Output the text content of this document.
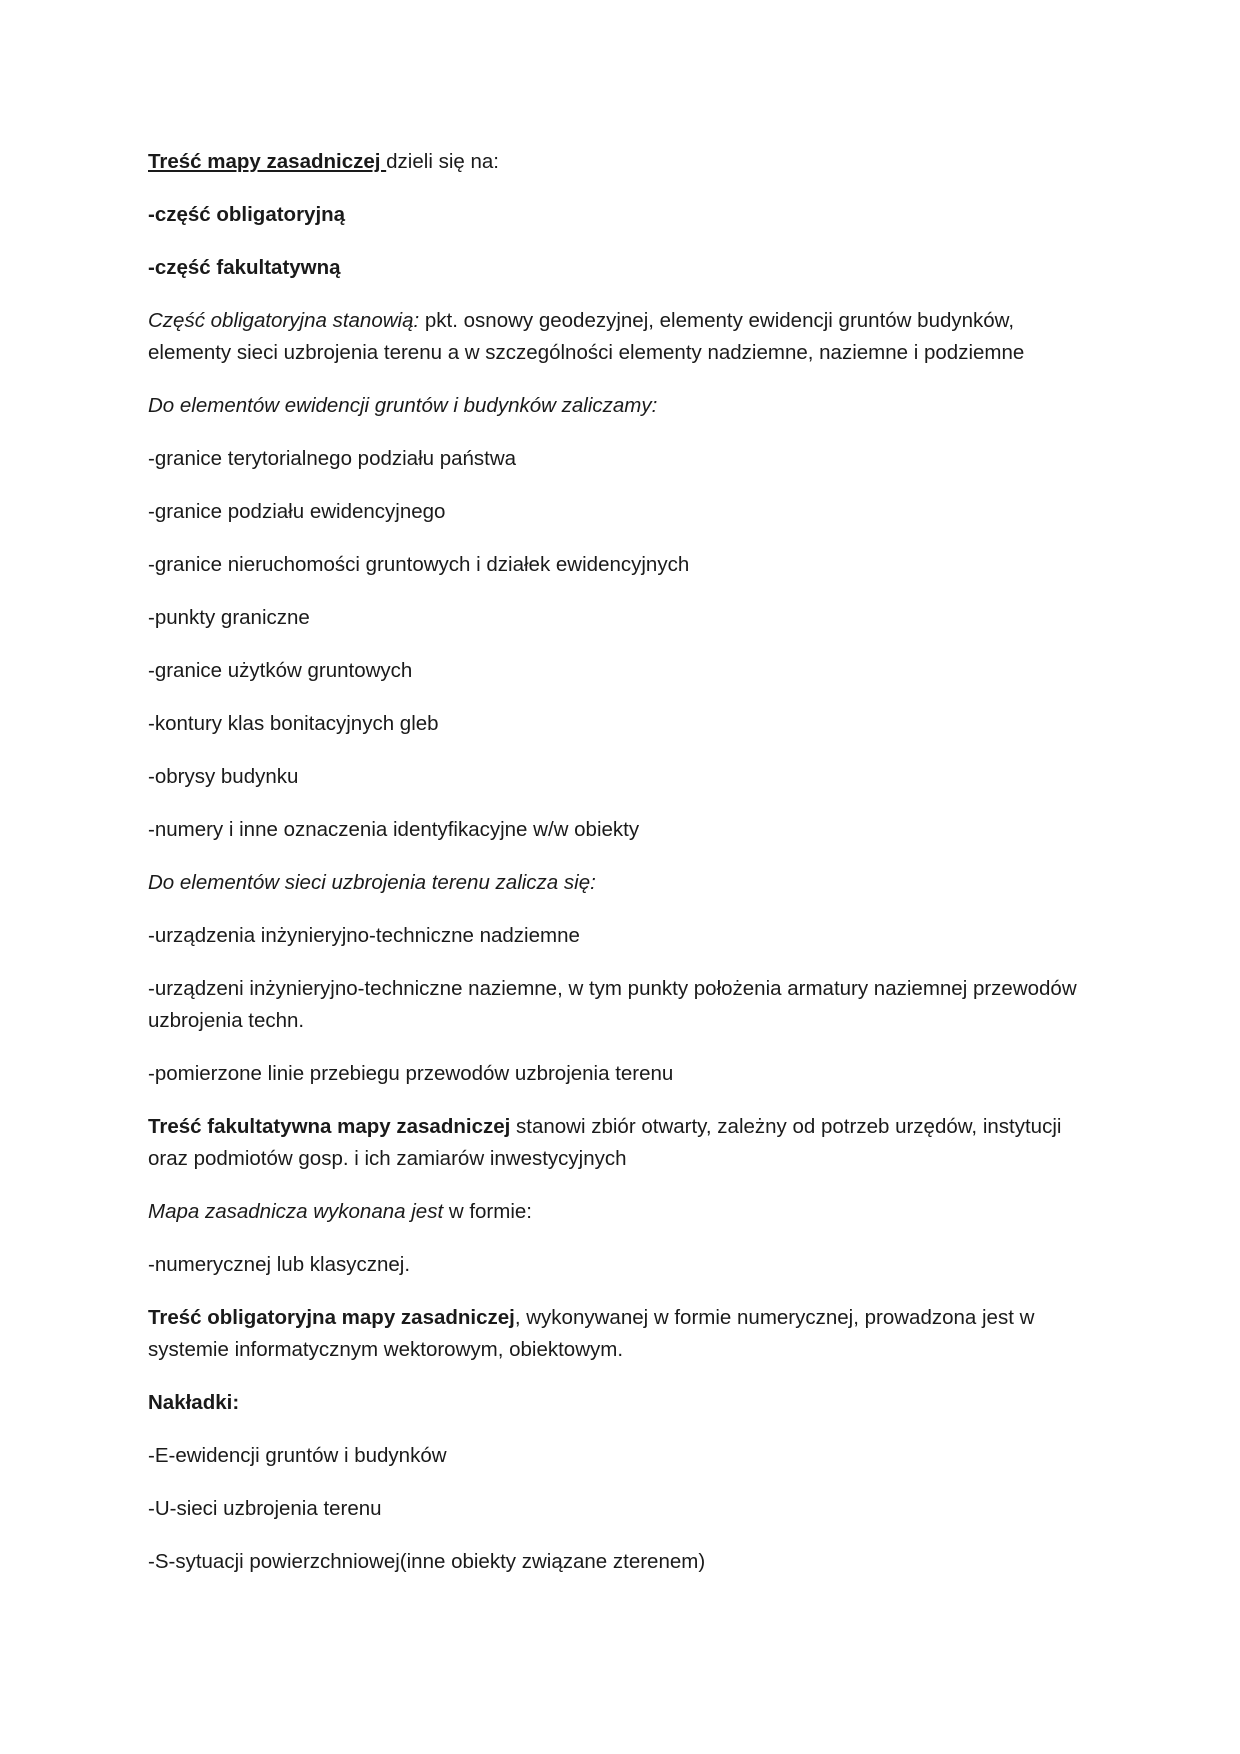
Treść mapy zasadniczej dzieli się na:

-część obligatoryjną

-część fakultatywną

Część obligatoryjna stanowią: pkt. osnowy geodezyjnej, elementy ewidencji gruntów budynków, elementy sieci uzbrojenia terenu a w szczególności elementy nadziemne, naziemne i podziemne

Do elementów ewidencji gruntów i budynków zaliczamy:

-granice terytorialnego podziału państwa

-granice podziału ewidencyjnego

-granice nieruchomości gruntowych i działek ewidencyjnych

-punkty graniczne

-granice użytków gruntowych

-kontury klas bonitacyjnych gleb

-obrysy budynku

-numery i inne oznaczenia identyfikacyjne w/w obiekty

Do elementów sieci uzbrojenia terenu zalicza się:

-urządzenia inżynieryjno-techniczne nadziemne

-urządzeni inżynieryjno-techniczne naziemne, w tym punkty położenia armatury naziemnej przewodów uzbrojenia techn.

-pomierzone linie przebiegu przewodów uzbrojenia terenu

Treść fakultatywna mapy zasadniczej stanowi zbiór otwarty, zależny od potrzeb urzędów, instytucji oraz podmiotów gosp. i ich zamiarów inwestycyjnych

Mapa zasadnicza wykonana jest w formie:

-numerycznej lub klasycznej.

Treść obligatoryjna mapy zasadniczej, wykonywanej w formie numerycznej, prowadzona jest w systemie informatycznym wektorowym, obiektowym.

Nakładki:

-E-ewidencji gruntów i budynków

-U-sieci uzbrojenia terenu

-S-sytuacji powierzchniowej(inne obiekty związane zterenem)
